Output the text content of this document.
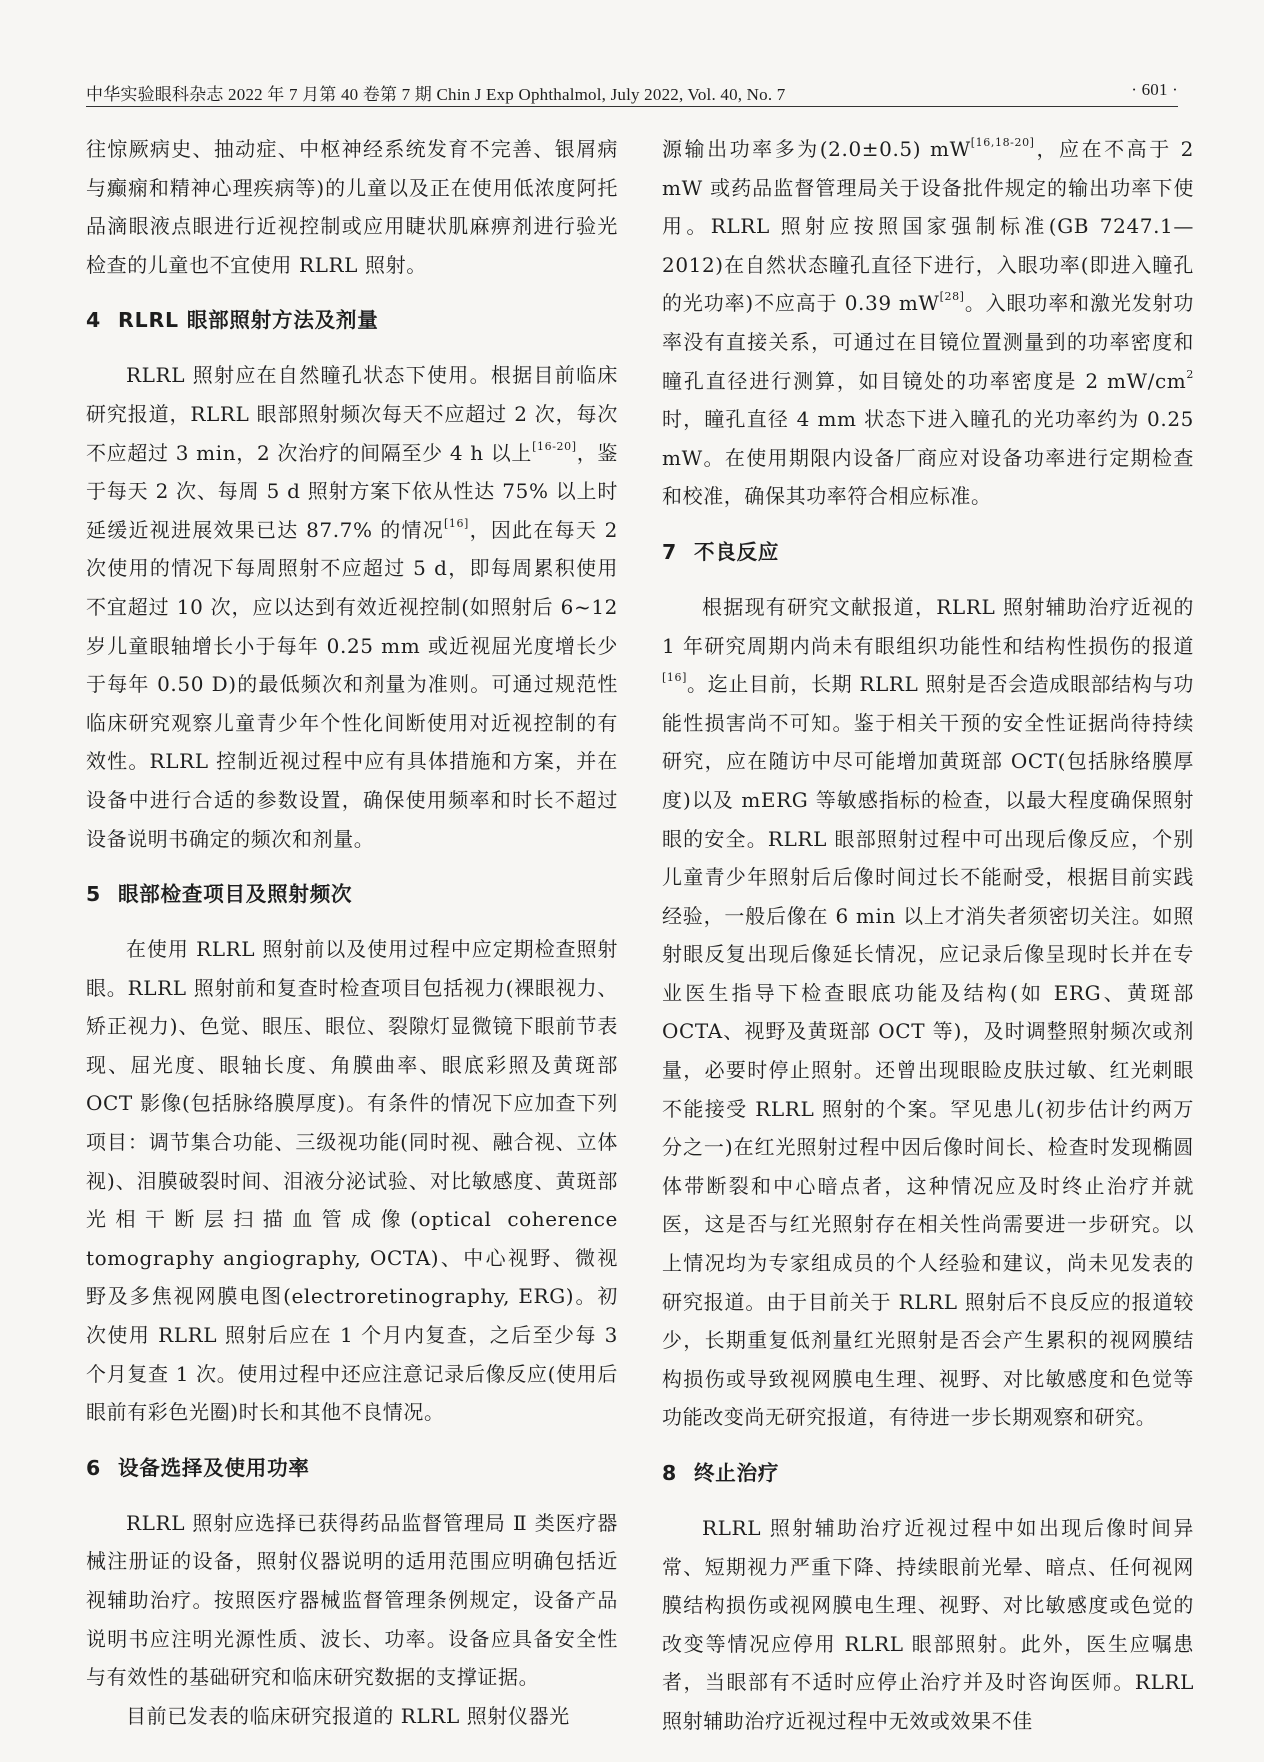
中华实验眼科杂志 2022 年 7 月第 40 卷第 7 期 Chin J Exp Ophthalmol, July 2022, Vol. 40, No. 7	· 601 ·

往惊厥病史、抽动症、中枢神经系统发育不完善、银屑病与癫痫和精神心理疾病等)的儿童以及正在使用低浓度阿托品滴眼液点眼进行近视控制或应用睫状肌麻痹剂进行验光检查的儿童也不宜使用 RLRL 照射。

4 RLRL 眼部照射方法及剂量

RLRL 照射应在自然瞳孔状态下使用。根据目前临床研究报道，RLRL 眼部照射频次每天不应超过 2 次，每次不应超过 3 min，2 次治疗的间隔至少 4 h 以上[16-20]，鉴于每天 2 次、每周 5 d 照射方案下依从性达 75% 以上时延缓近视进展效果已达 87.7% 的情况[16]，因此在每天 2 次使用的情况下每周照射不应超过 5 d，即每周累积使用不宜超过 10 次，应以达到有效近视控制(如照射后 6~12 岁儿童眼轴增长小于每年 0.25 mm 或近视屈光度增长少于每年 0.50 D)的最低频次和剂量为准则。可通过规范性临床研究观察儿童青少年个性化间断使用对近视控制的有效性。RLRL 控制近视过程中应有具体措施和方案，并在设备中进行合适的参数设置，确保使用频率和时长不超过设备说明书确定的频次和剂量。

5 眼部检查项目及照射频次

在使用 RLRL 照射前以及使用过程中应定期检查照射眼。RLRL 照射前和复查时检查项目包括视力(裸眼视力、矫正视力)、色觉、眼压、眼位、裂隙灯显微镜下眼前节表现、屈光度、眼轴长度、角膜曲率、眼底彩照及黄斑部 OCT 影像(包括脉络膜厚度)。有条件的情况下应加查下列项目：调节集合功能、三级视功能(同时视、融合视、立体视)、泪膜破裂时间、泪液分泌试验、对比敏感度、黄斑部光相干断层扫描血管成像(optical coherence tomography angiography, OCTA)、中心视野、微视野及多焦视网膜电图(electroretinography, ERG)。初次使用 RLRL 照射后应在 1 个月内复查，之后至少每 3 个月复查 1 次。使用过程中还应注意记录后像反应(使用后眼前有彩色光圈)时长和其他不良情况。

6 设备选择及使用功率

RLRL 照射应选择已获得药品监督管理局 Ⅱ 类医疗器械注册证的设备，照射仪器说明的适用范围应明确包括近视辅助治疗。按照医疗器械监督管理条例规定，设备产品说明书应注明光源性质、波长、功率。设备应具备安全性与有效性的基础研究和临床研究数据的支撑证据。

目前已发表的临床研究报道的 RLRL 照射仪器光

源输出功率多为(2.0±0.5) mW[16,18-20]，应在不高于 2 mW 或药品监督管理局关于设备批件规定的输出功率下使用。RLRL 照射应按照国家强制标准(GB 7247.1—2012)在自然状态瞳孔直径下进行，入眼功率(即进入瞳孔的光功率)不应高于 0.39 mW[28]。入眼功率和激光发射功率没有直接关系，可通过在目镜位置测量到的功率密度和瞳孔直径进行测算，如目镜处的功率密度是 2 mW/cm$^2$ 时，瞳孔直径 4 mm 状态下进入瞳孔的光功率约为 0.25 mW。在使用期限内设备厂商应对设备功率进行定期检查和校准，确保其功率符合相应标准。

7 不良反应

根据现有研究文献报道，RLRL 照射辅助治疗近视的 1 年研究周期内尚未有眼组织功能性和结构性损伤的报道[16]。迄止目前，长期 RLRL 照射是否会造成眼部结构与功能性损害尚不可知。鉴于相关干预的安全性证据尚待持续研究，应在随访中尽可能增加黄斑部 OCT(包括脉络膜厚度)以及 mERG 等敏感指标的检查，以最大程度确保照射眼的安全。RLRL 眼部照射过程中可出现后像反应，个别儿童青少年照射后后像时间过长不能耐受，根据目前实践经验，一般后像在 6 min 以上才消失者须密切关注。如照射眼反复出现后像延长情况，应记录后像呈现时长并在专业医生指导下检查眼底功能及结构(如 ERG、黄斑部 OCTA、视野及黄斑部 OCT 等)，及时调整照射频次或剂量，必要时停止照射。还曾出现眼睑皮肤过敏、红光刺眼不能接受 RLRL 照射的个案。罕见患儿(初步估计约两万分之一)在红光照射过程中因后像时间长、检查时发现椭圆体带断裂和中心暗点者，这种情况应及时终止治疗并就医，这是否与红光照射存在相关性尚需要进一步研究。以上情况均为专家组成员的个人经验和建议，尚未见发表的研究报道。由于目前关于 RLRL 照射后不良反应的报道较少，长期重复低剂量红光照射是否会产生累积的视网膜结构损伤或导致视网膜电生理、视野、对比敏感度和色觉等功能改变尚无研究报道，有待进一步长期观察和研究。

8 终止治疗

RLRL 照射辅助治疗近视过程中如出现后像时间异常、短期视力严重下降、持续眼前光晕、暗点、任何视网膜结构损伤或视网膜电生理、视野、对比敏感度或色觉的改变等情况应停用 RLRL 眼部照射。此外，医生应嘱患者，当眼部有不适时应停止治疗并及时咨询医师。RLRL 照射辅助治疗近视过程中无效或效果不佳
